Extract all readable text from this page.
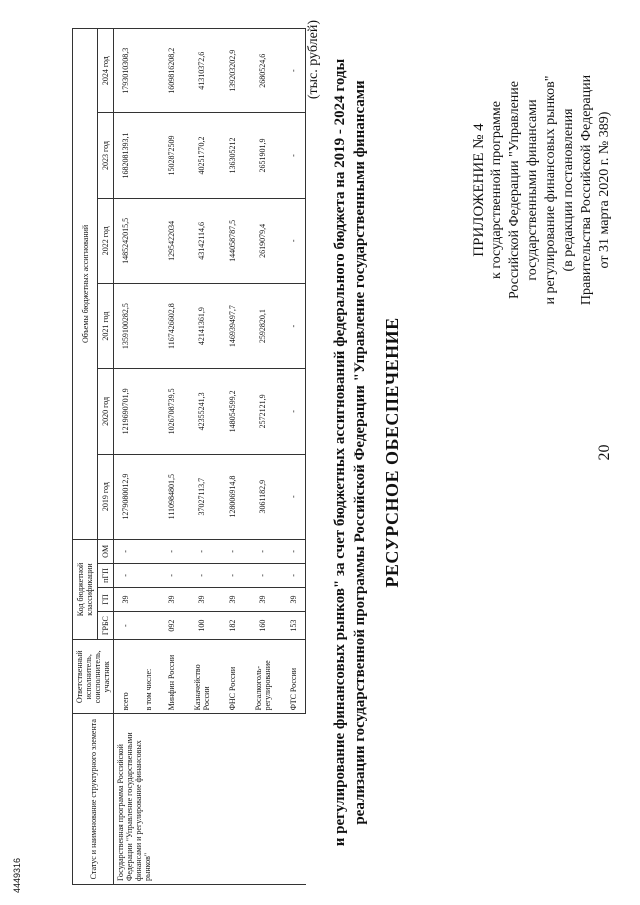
20
4449316
ПРИЛОЖЕНИЕ № 4 к государственной программе Российской Федерации "Управление государственными финансами и регулирование финансовых рынков" (в редакции постановления Правительства Российской Федерации от 31 марта 2020 г. № 389)
РЕСУРСНОЕ ОБЕСПЕЧЕНИЕ
реализации государственной программы Российской Федерации "Управление государственными финансами
и регулирование финансовых рынков" за счет бюджетных ассигнований федерального бюджета на 2019 - 2024 годы
(тыс. рублей)
Статус и наименование структурного элемента	Ответственный исполнитель, соисполнитель, участник	Код бюджетной классификации				Объемы бюджетных ассигнований					
		ГРБС	ГП	пГП	ОМ	2019 год	2020 год	2021 год	2022 год	2023 год	2024 год
Государственная программа Российской Федерации "Управление государственными финансами и регулирование финансовых рынков"	всего	-	39	-	-	1279080012,9	1219690701,9	1359100282,5	1485242015,5	1682081393,1	1793010308,3
	в том числе:										
	Минфин России	092	39	-	-	1110984801,5	1026708739,5	1167426602,8	1295422034	1502872509	1609816208,2
	Казначейство России	100	39	-	-	37027113,7	42355241,3	42141361,9	43142114,6	40251770,2	41310372,6
	ФНС России	182	39	-	-	128006914,8	148054599,2	146939497,7	144058787,5	136305212	139203202,9
	Росалкоголь-регулирование	160	39	-	-	3061182,9	2572121,9	2592820,1	2619079,4	2651901,9	2680524,6
	ФТС России	153	39	-	-	-	-	-	-	-	-
